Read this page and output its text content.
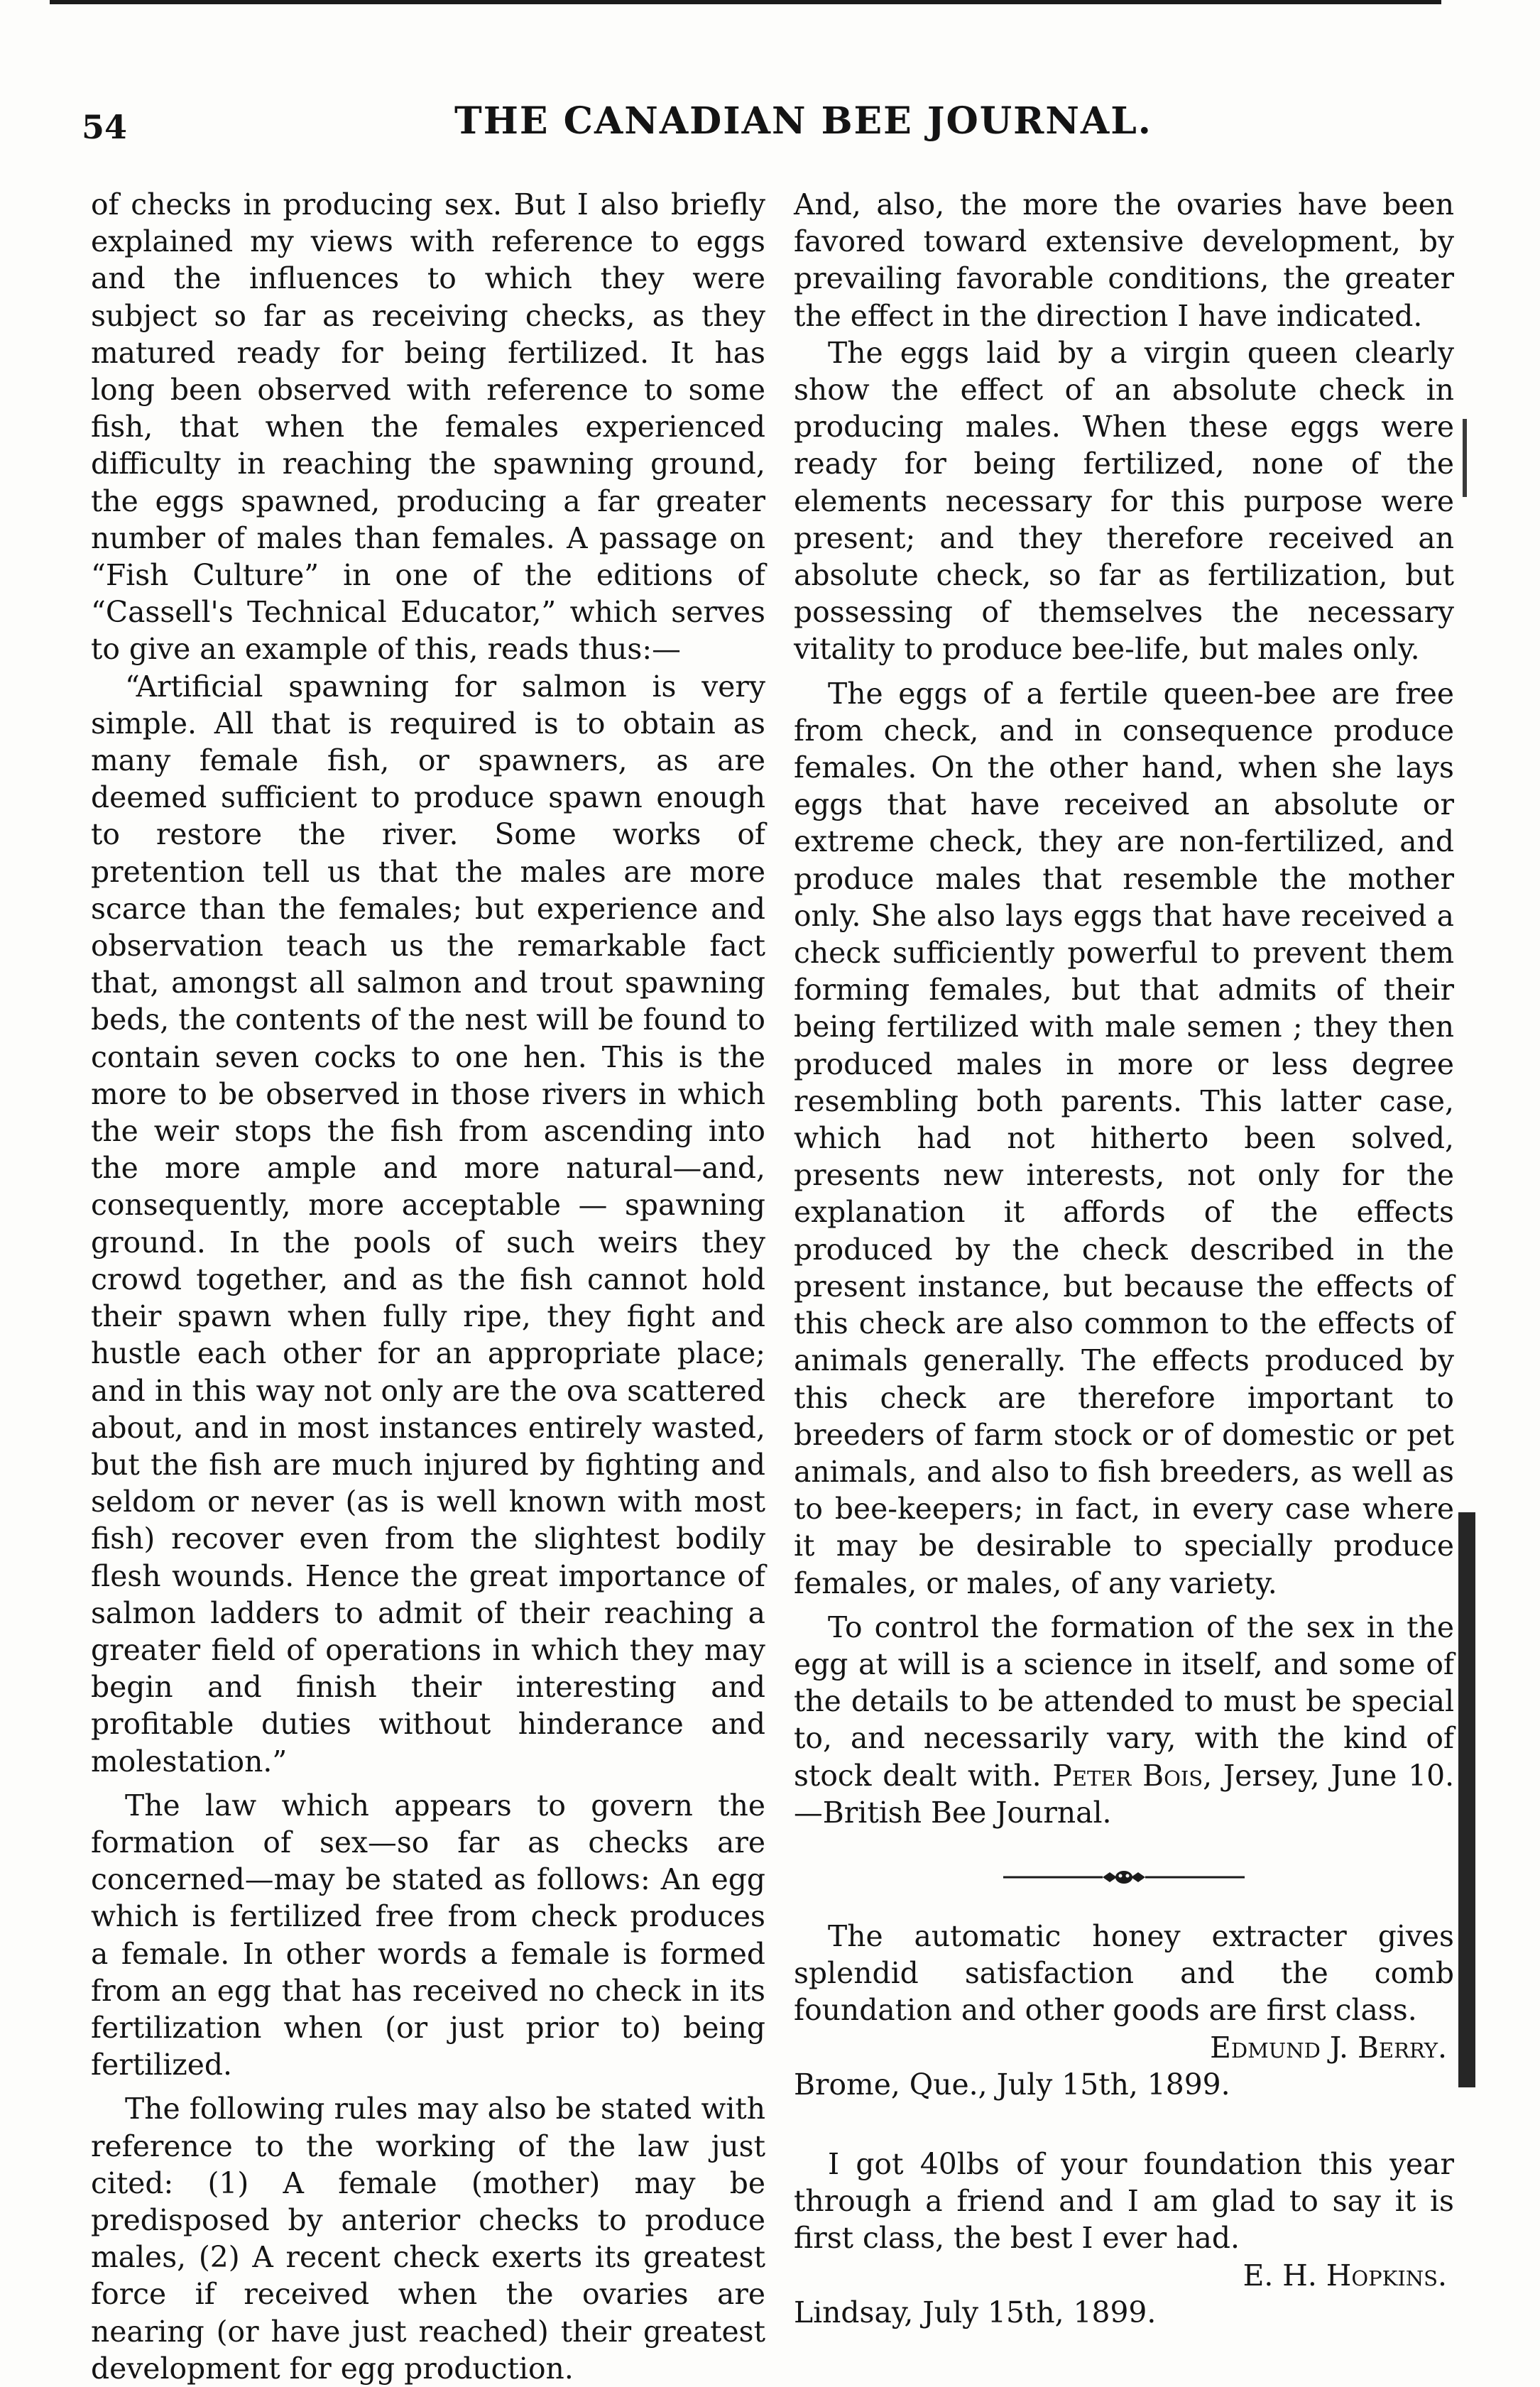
54	THE CANADIAN BEE JOURNAL.

of checks in producing sex. But I also briefly explained my views with reference to eggs and the influences to which they were subject so far as receiving checks, as they matured ready for being fertilized. It has long been observed with reference to some fish, that when the females experienced difficulty in reaching the spawning ground, the eggs spawned, producing a far greater number of males than females. A passage on “Fish Culture” in one of the editions of “Cassell's Technical Educator,” which serves to give an example of this, reads thus:—

“Artificial spawning for salmon is very simple. All that is required is to obtain as many female fish, or spawners, as are deemed sufficient to produce spawn enough to restore the river. Some works of pretention tell us that the males are more scarce than the females; but experience and observation teach us the remarkable fact that, amongst all salmon and trout spawning beds, the contents of the nest will be found to contain seven cocks to one hen. This is the more to be observed in those rivers in which the weir stops the fish from ascending into the more ample and more natural—and, consequently, more acceptable — spawning ground. In the pools of such weirs they crowd together, and as the fish cannot hold their spawn when fully ripe, they fight and hustle each other for an appropriate place; and in this way not only are the ova scattered about, and in most instances entirely wasted, but the fish are much injured by fighting and seldom or never (as is well known with most fish) recover even from the slightest bodily flesh wounds. Hence the great importance of salmon ladders to admit of their reaching a greater field of operations in which they may begin and finish their interesting and profitable duties without hinderance and molestation.”

The law which appears to govern the formation of sex—so far as checks are concerned—may be stated as follows: An egg which is fertilized free from check produces a female. In other words a female is formed from an egg that has received no check in its fertilization when (or just prior to) being fertilized.

The following rules may also be stated with reference to the working of the law just cited: (1) A female (mother) may be predisposed by anterior checks to produce males, (2) A recent check exerts its greatest force if received when the ovaries are nearing (or have just reached) their greatest development for egg production.

And, also, the more the ovaries have been favored toward extensive development, by prevailing favorable conditions, the greater the effect in the direction I have indicated.

The eggs laid by a virgin queen clearly show the effect of an absolute check in producing males. When these eggs were ready for being fertilized, none of the elements necessary for this purpose were present; and they therefore received an absolute check, so far as fertilization, but possessing of themselves the necessary vitality to produce bee-life, but males only.

The eggs of a fertile queen-bee are free from check, and in consequence produce females. On the other hand, when she lays eggs that have received an absolute or extreme check, they are non-fertilized, and produce males that resemble the mother only. She also lays eggs that have received a check sufficiently powerful to prevent them forming females, but that admits of their being fertilized with male semen ; they then produced males in more or less degree resembling both parents. This latter case, which had not hitherto been solved, presents new interests, not only for the explanation it affords of the effects produced by the check described in the present instance, but because the effects of this check are also common to the effects of animals generally. The effects produced by this check are therefore important to breeders of farm stock or of domestic or pet animals, and also to fish breeders, as well as to bee-keepers; in fact, in every case where it may be desirable to specially produce females, or males, of any variety.

To control the formation of the sex in the egg at will is a science in itself, and some of the details to be attended to must be special to, and necessarily vary, with the kind of stock dealt with. Peter Bois, Jersey, June 10.—British Bee Journal.

The automatic honey extracter gives splendid satisfaction and the comb foundation and other goods are first class.

Edmund J. Berry.

Brome, Que., July 15th, 1899.

I got 40lbs of your foundation this year through a friend and I am glad to say it is first class, the best I ever had.

E. H. Hopkins.

Lindsay, July 15th, 1899.
